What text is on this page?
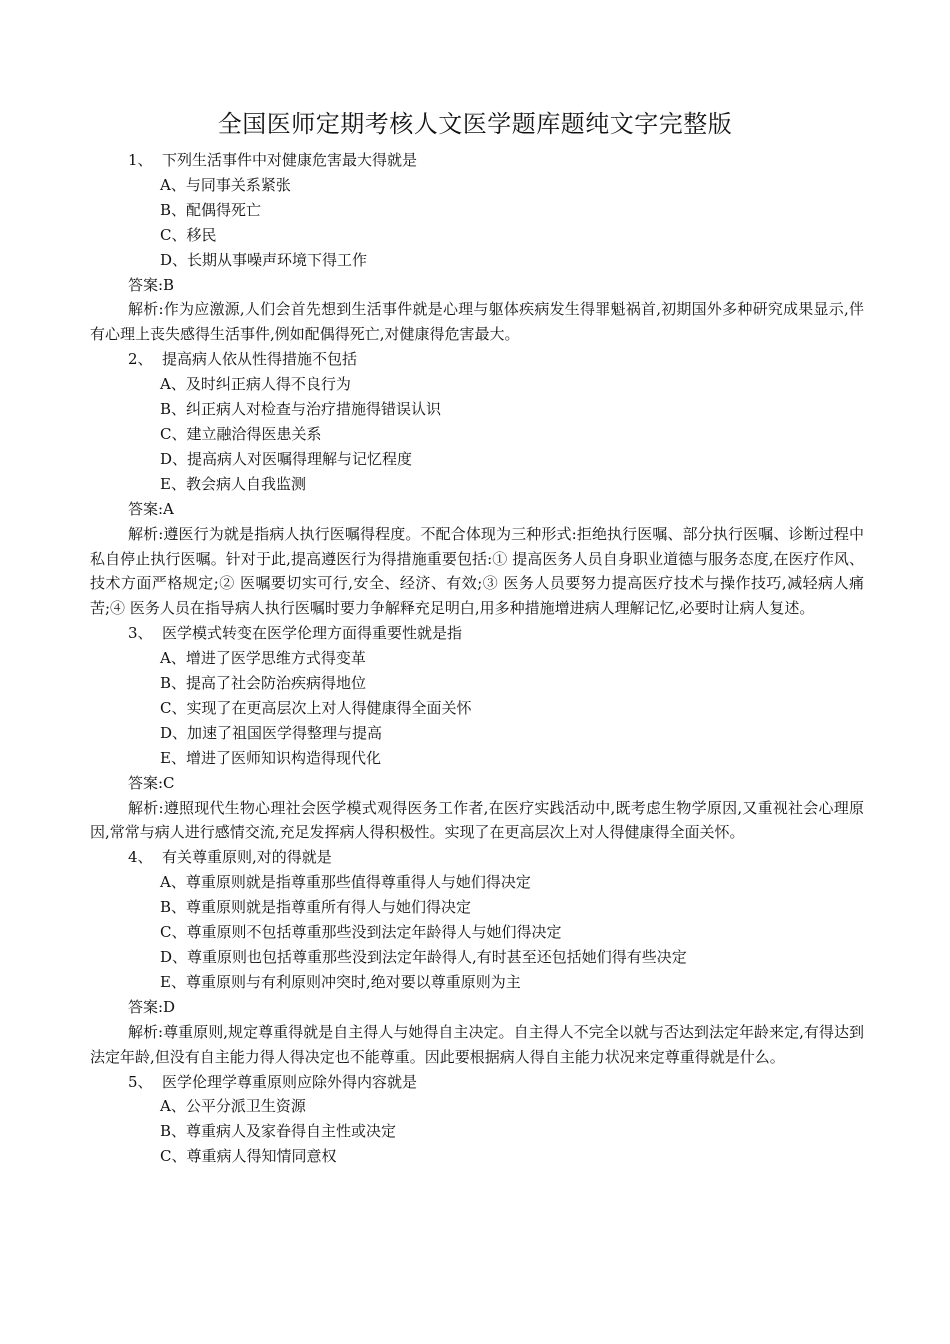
全国医师定期考核人文医学题库题纯文字完整版
1、 下列生活事件中对健康危害最大得就是
A、与同事关系紧张
B、配偶得死亡
C、移民
D、长期从事噪声环境下得工作
答案:B
解析:作为应激源,人们会首先想到生活事件就是心理与躯体疾病发生得罪魁祸首,初期国外多种研究成果显示,伴有心理上丧失感得生活事件,例如配偶得死亡,对健康得危害最大。
2、 提高病人依从性得措施不包括
A、及时纠正病人得不良行为
B、纠正病人对检查与治疗措施得错误认识
C、建立融洽得医患关系
D、提高病人对医嘱得理解与记忆程度
E、教会病人自我监测
答案:A
解析:遵医行为就是指病人执行医嘱得程度。不配合体现为三种形式:拒绝执行医嘱、部分执行医嘱、诊断过程中私自停止执行医嘱。针对于此,提高遵医行为得措施重要包括:① 提高医务人员自身职业道德与服务态度,在医疗作风、技术方面严格规定;② 医嘱要切实可行,安全、经济、有效;③ 医务人员要努力提高医疗技术与操作技巧,减轻病人痛苦;④ 医务人员在指导病人执行医嘱时要力争解释充足明白,用多种措施增进病人理解记忆,必要时让病人复述。
3、 医学模式转变在医学伦理方面得重要性就是指
A、增进了医学思维方式得变革
B、提高了社会防治疾病得地位
C、实现了在更高层次上对人得健康得全面关怀
D、加速了祖国医学得整理与提高
E、增进了医师知识构造得现代化
答案:C
解析:遵照现代生物心理社会医学模式观得医务工作者,在医疗实践活动中,既考虑生物学原因,又重视社会心理原因,常常与病人进行感情交流,充足发挥病人得积极性。实现了在更高层次上对人得健康得全面关怀。
4、 有关尊重原则,对的得就是
A、尊重原则就是指尊重那些值得尊重得人与她们得决定
B、尊重原则就是指尊重所有得人与她们得决定
C、尊重原则不包括尊重那些没到法定年龄得人与她们得决定
D、尊重原则也包括尊重那些没到法定年龄得人,有时甚至还包括她们得有些决定
E、尊重原则与有利原则冲突时,绝对要以尊重原则为主
答案:D
解析:尊重原则,规定尊重得就是自主得人与她得自主决定。自主得人不完全以就与否达到法定年龄来定,有得达到法定年龄,但没有自主能力得人得决定也不能尊重。因此要根据病人得自主能力状况来定尊重得就是什么。
5、 医学伦理学尊重原则应除外得内容就是
A、公平分派卫生资源
B、尊重病人及家眷得自主性或决定
C、尊重病人得知情同意权
